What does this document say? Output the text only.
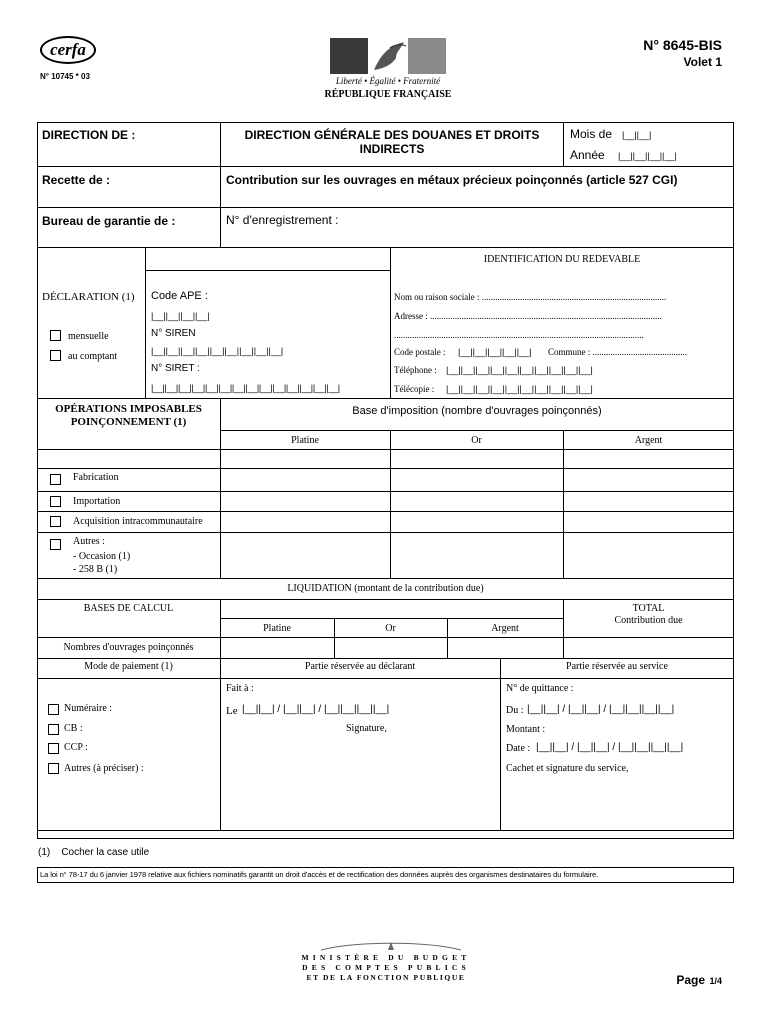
cerfa
N° 10745 * 03	Liberté • Égalité • Fraternité
RÉPUBLIQUE FRANÇAISE
N° 8645-BIS
Volet 1
DIRECTION DE :	DIRECTION GÉNÉRALE DES DOUANES ET DROITS
INDIRECTS
Mois de |__||__|
Année |__||__||__||__|
Recette de :	Contribution sur les ouvrages en métaux précieux poinçonnés (article 527 CGI)
Bureau de garantie de :	N° d'enregistrement :
IDENTIFICATION DU REDEVABLE
DÉCLARATION (1)
mensuelle
au comptant
Code APE :
|__||__||__||__|
N° SIREN
|__||__||__||__||__||__||__||__||__|
N° SIRET :
|__||__||__||__||__||__||__||__||__||__||__||__||__||__|
Nom ou raison sociale : ..................................................................................
Adresse : .......................................................................................................
...............................................................................................................
Code postale : |__||__||__||__||__| Commune : ..........................................
Téléphone : |__||__||__||__||__||__||__||__||__||__|
Télécopie : |__||__||__||__||__||__||__||__||__||__|
OPÉRATIONS IMPOSABLES
POINÇONNEMENT (1)
Base d'imposition (nombre d'ouvrages poinçonnés)
Platine	Or	Argent
Fabrication
Importation
Acquisition intracommunautaire
Autres :
- Occasion (1)
- 258 B (1)
LIQUIDATION (montant de la contribution due)
BASES DE CALCUL
Platine	Or	Argent
TOTAL
Contribution due
Nombres d'ouvrages poinçonnés
Mode de paiement (1)	Partie réservée au déclarant	Partie réservée au service
Numéraire :
CB :
CCP :
Autres (à préciser) :
Fait à :
Le |__||__| / |__||__| / |__||__||__||__|
Signature,
N° de quittance :
Du : |__||__| / |__||__| / |__||__||__||__|
Montant :
Date : |__||__| / |__||__| / |__||__||__||__|
Cachet et signature du service,
(1)    Cocher la case utile
La loi n° 78-17 du 6 janvier 1978 relative aux fichiers nominatifs garantit un droit d'accès et de rectification des données auprès des organismes destinataires du formulaire.
MINISTÈRE DU BUDGET
DES COMPTES PUBLICS
ET DE LA FONCTION PUBLIQUE	Page 1/4
